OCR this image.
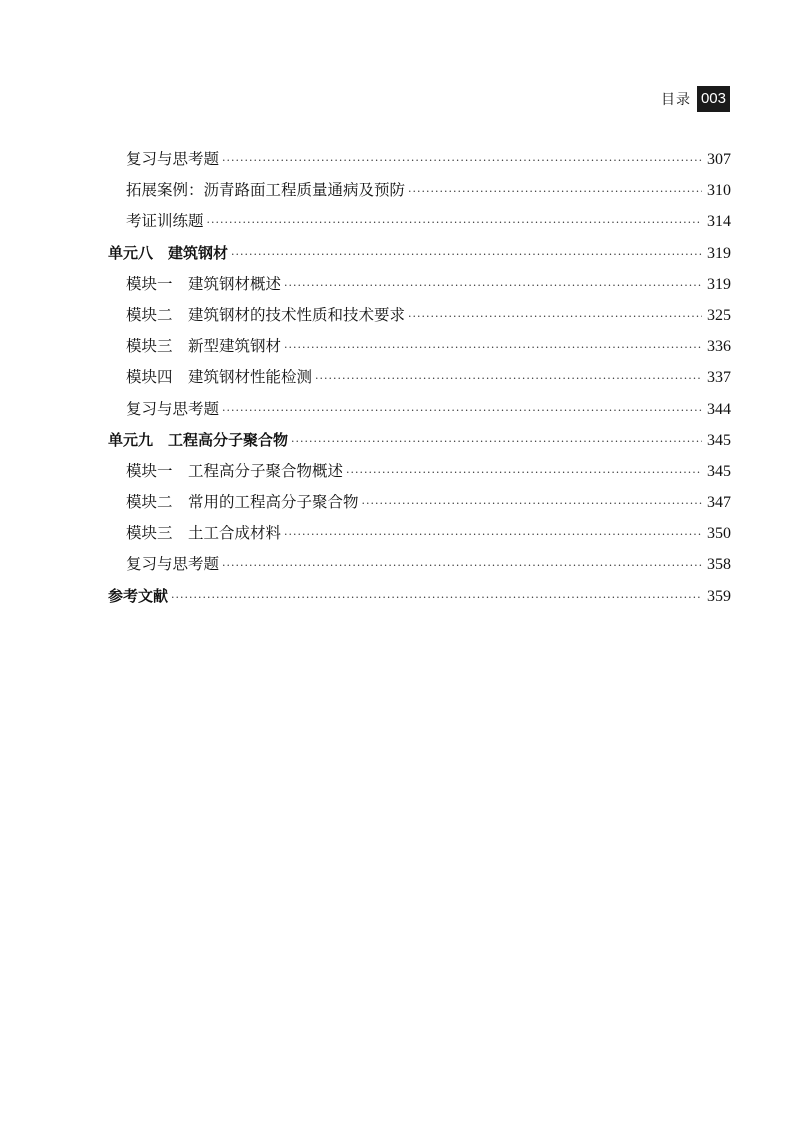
目录 003
复习与思考题 ·····	307
拓展案例：沥青路面工程质量通病及预防 ·····	310
考证训练题 ·····	314
单元八　建筑钢材 ·····	319
模块一　建筑钢材概述 ·····	319
模块二　建筑钢材的技术性质和技术要求 ·····	325
模块三　新型建筑钢材 ·····	336
模块四　建筑钢材性能检测 ·····	337
复习与思考题 ·····	344
单元九　工程高分子聚合物 ·····	345
模块一　工程高分子聚合物概述 ·····	345
模块二　常用的工程高分子聚合物 ·····	347
模块三　土工合成材料 ·····	350
复习与思考题 ·····	358
参考文献 ·····	359
